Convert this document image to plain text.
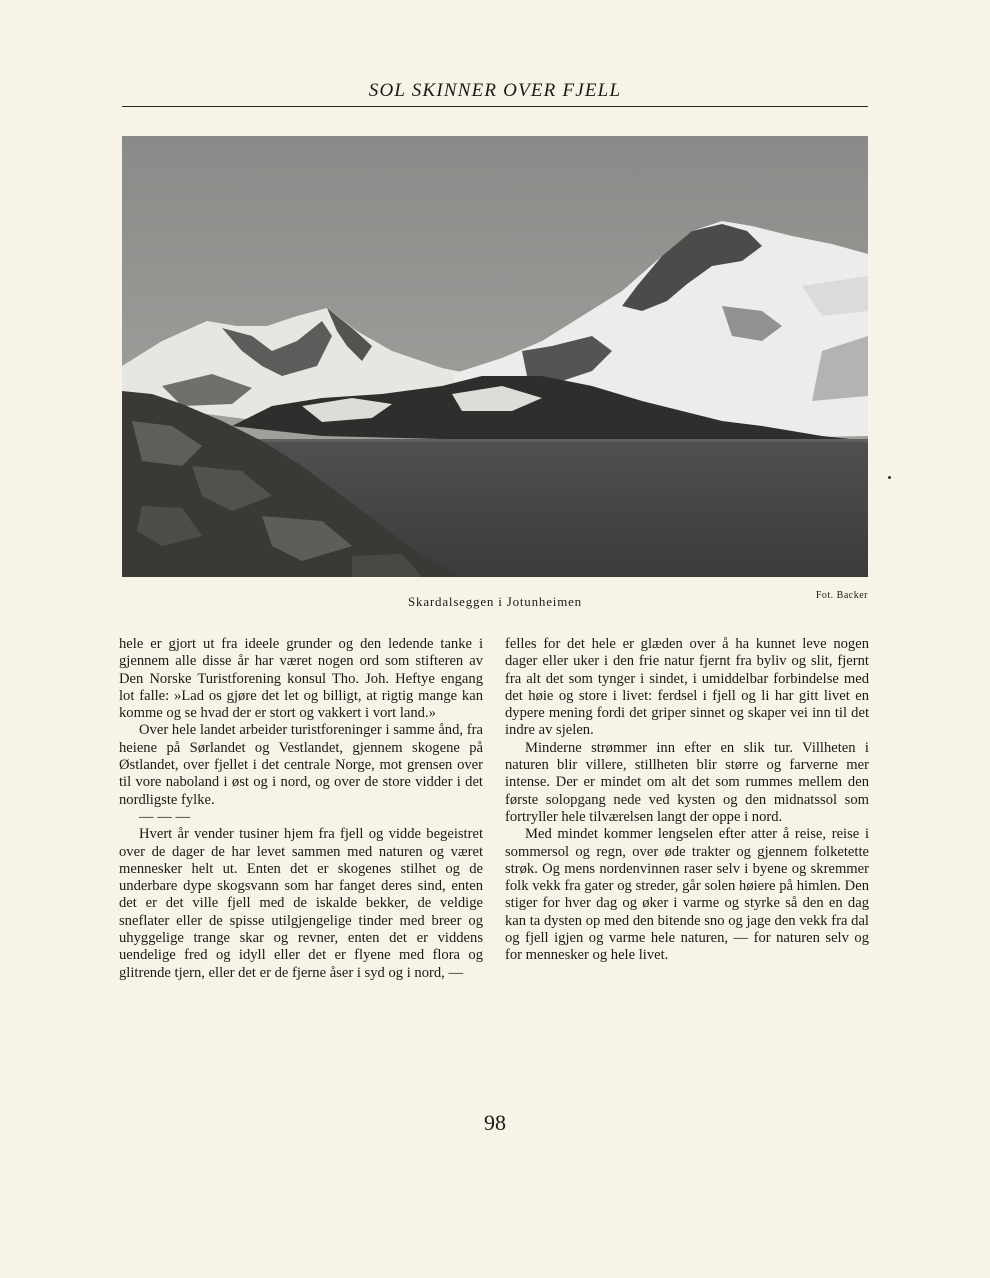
SOL SKINNER OVER FJELL
Skardalseggen i Jotunheimen	Fot. Backer

hele er gjort ut fra ideele grunder og den ledende tanke i gjennem alle disse år har været nogen ord som stifteren av Den Norske Turistforening konsul Tho. Joh. Heftye engang lot falle: »Lad os gjøre det let og billigt, at rigtig mange kan komme og se hvad der er stort og vakkert i vort land.»

Over hele landet arbeider turistforeninger i samme ånd, fra heiene på Sørlandet og Vestlandet, gjennem skogene på Østlandet, over fjellet i det centrale Norge, mot grensen over til vore naboland i øst og i nord, og over de store vidder i det nordligste fylke.

— — —

Hvert år vender tusiner hjem fra fjell og vidde begeistret over de dager de har levet sammen med naturen og været mennesker helt ut. Enten det er skogenes stilhet og de underbare dype skogsvann som har fanget deres sind, enten det er det ville fjell med de iskalde bekker, de veldige sneflater eller de spisse utilgjengelige tinder med breer og uhyggelige trange skar og revner, enten det er viddens uendelige fred og idyll eller det er flyene med flora og glitrende tjern, eller det er de fjerne åser i syd og i nord, —

felles for det hele er glæden over å ha kunnet leve nogen dager eller uker i den frie natur fjernt fra byliv og slit, fjernt fra alt det som tynger i sindet, i umiddelbar forbindelse med det høie og store i livet: ferdsel i fjell og li har gitt livet en dypere mening fordi det griper sinnet og skaper vei inn til det indre av sjelen.

Minderne strømmer inn efter en slik tur. Villheten i naturen blir villere, stillheten blir større og farverne mer intense. Der er mindet om alt det som rummes mellem den første solopgang nede ved kysten og den midnatssol som fortryller hele tilværelsen langt der oppe i nord.

Med mindet kommer lengselen efter atter å reise, reise i sommersol og regn, over øde trakter og gjennem folketette strøk. Og mens nordenvinnen raser selv i byene og skremmer folk vekk fra gater og streder, går solen høiere på himlen. Den stiger for hver dag og øker i varme og styrke så den en dag kan ta dysten op med den bitende sno og jage den vekk fra dal og fjell igjen og varme hele naturen, — for naturen selv og for mennesker og hele livet.

98
